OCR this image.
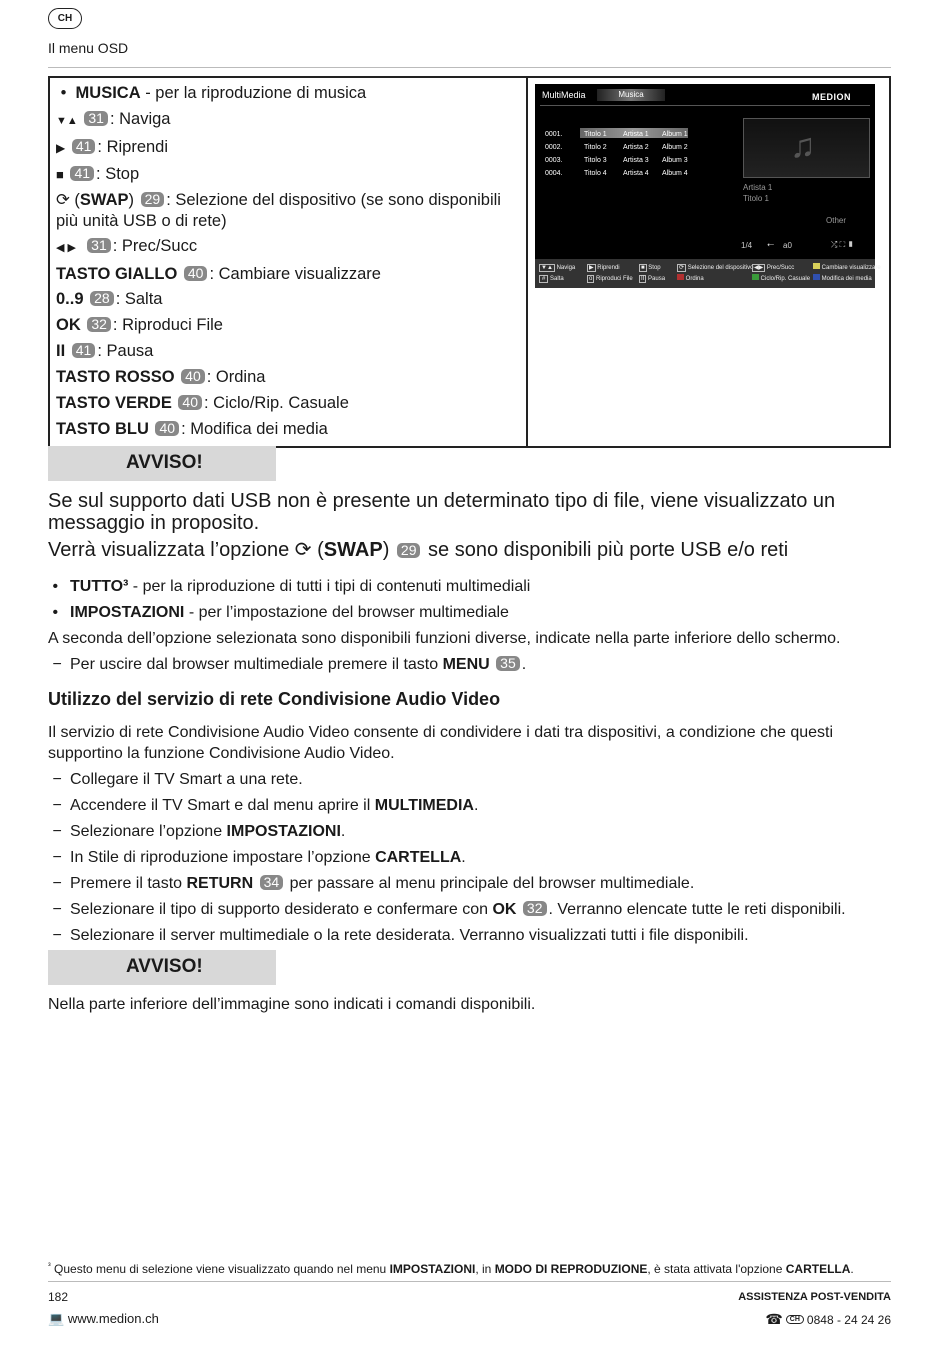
CH
Il menu OSD
•  MUSICA - per la riproduzione di musica
▼▲ 31 : Naviga
▶ 41 : Riprendi
■ 41 : Stop
⟳ (SWAP) 29 : Selezione del dispositivo (se sono disponibili più unità USB o di rete)
◀ ▶ 31 : Prec/Succ
TASTO GIALLO 40 : Cambiare visualizzare
0..9 28 : Salta
OK 32 : Riproduci File
II 41 : Pausa
TASTO ROSSO 40 : Ordina
TASTO VERDE 40 : Ciclo/Rip. Casuale
TASTO BLU 40 : Modifica dei media

MultiMedia	Musica	MEDION
0001.	Titolo 1 Artista 1 Album 1
0002.	Titolo 2 Artista 2 Album 2
0003.	Titolo 3 Artista 3 Album 3
0004.	Titolo 4 Artista 4 Album 4
♫
Artista 1
Titolo 1
Other
1/4 ⭠ a0	⤮ ⛶ ▮
▼▲ Naviga
# Salta
▶ Riprendi
o Riproduci File
■ Stop
II Pausa
⟳ Selezione del dispositivo
Ordina
◀▶ Prec/Succ
Ciclo/Rip. Casuale
Cambiare visualizzare
Modifica dei media
AVVISO!
Se sul supporto dati USB non è presente un determinato tipo di file, viene visualizzato un messaggio in proposito.
Verrà visualizzata l’opzione ⟳ (SWAP) 29 se sono disponibili più porte USB e/o reti
• TUTTO³ - per la riproduzione di tutti i tipi di contenuti multimediali
• IMPOSTAZIONI - per l’impostazione del browser multimediale
A seconda dell’opzione selezionata sono disponibili funzioni diverse, indicate nella parte inferiore dello schermo.
− Per uscire dal browser multimediale premere il tasto MENU 35 .
Utilizzo del servizio di rete Condivisione Audio Video
Il servizio di rete Condivisione Audio Video consente di condividere i dati tra dispositivi, a condizione che questi supportino la funzione Condivisione Audio Video.
− Collegare il TV Smart a una rete.
− Accendere il TV Smart e dal menu aprire il MULTIMEDIA.
− Selezionare l’opzione IMPOSTAZIONI.
− In Stile di riproduzione impostare l’opzione CARTELLA.
− Premere il tasto RETURN 34 per passare al menu principale del browser multimediale.
− Selezionare il tipo di supporto desiderato e confermare con OK 32 . Verranno elencate tutte le reti disponibili.
− Selezionare il server multimediale o la rete desiderata. Verranno visualizzati tutti i file disponibili.
AVVISO!
Nella parte inferiore dell’immagine sono indicati i comandi disponibili.
$^{^3}$ Questo menu di selezione viene visualizzato quando nel menu IMPOSTAZIONI, in MODO DI REPRODUZIONE, è stata attivata l'opzione CARTELLA.
182
💻 www.medion.ch
ASSISTENZA POST-VENDITA
☎	CH 0848 - 24 24 26
